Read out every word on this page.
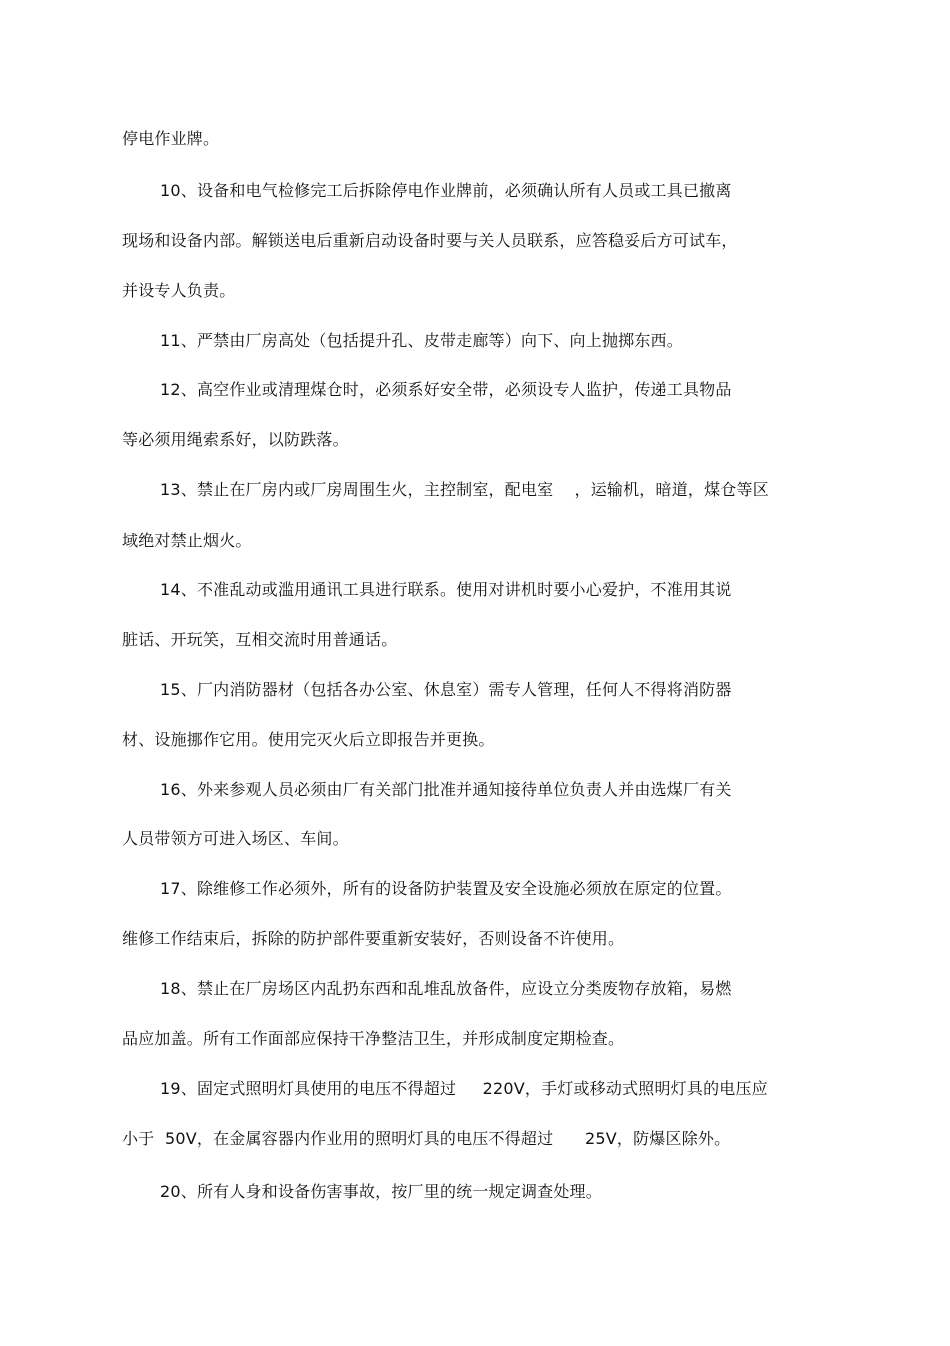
停电作业牌。
10、设备和电气检修完工后拆除停电作业牌前，必须确认所有人员或工具已撤离
现场和设备内部。解锁送电后重新启动设备时要与关人员联系，应答稳妥后方可试车，
并设专人负责。
11、严禁由厂房高处（包括提升孔、皮带走廊等）向下、向上抛掷东西。
12、高空作业或清理煤仓时，必须系好安全带，必须设专人监护，传递工具物品
等必须用绳索系好，以防跌落。
13、禁止在厂房内或厂房周围生火，主控制室，配电室    ，运输机，暗道，煤仓等区
域绝对禁止烟火。
14、不准乱动或滥用通讯工具进行联系。使用对讲机时要小心爱护，不准用其说
脏话、开玩笑，互相交流时用普通话。
15、厂内消防器材（包括各办公室、休息室）需专人管理，任何人不得将消防器
材、设施挪作它用。使用完灭火后立即报告并更换。
16、外来参观人员必须由厂有关部门批准并通知接待单位负责人并由选煤厂有关
人员带领方可进入场区、车间。
17、除维修工作必须外，所有的设备防护装置及安全设施必须放在原定的位置。
维修工作结束后，拆除的防护部件要重新安装好，否则设备不许使用。
18、禁止在厂房场区内乱扔东西和乱堆乱放备件，应设立分类废物存放箱，易燃
品应加盖。所有工作面部应保持干净整洁卫生，并形成制度定期检查。
19、固定式照明灯具使用的电压不得超过     220V，手灯或移动式照明灯具的电压应
小于  50V，在金属容器内作业用的照明灯具的电压不得超过      25V，防爆区除外。
20、所有人身和设备伤害事故，按厂里的统一规定调查处理。
